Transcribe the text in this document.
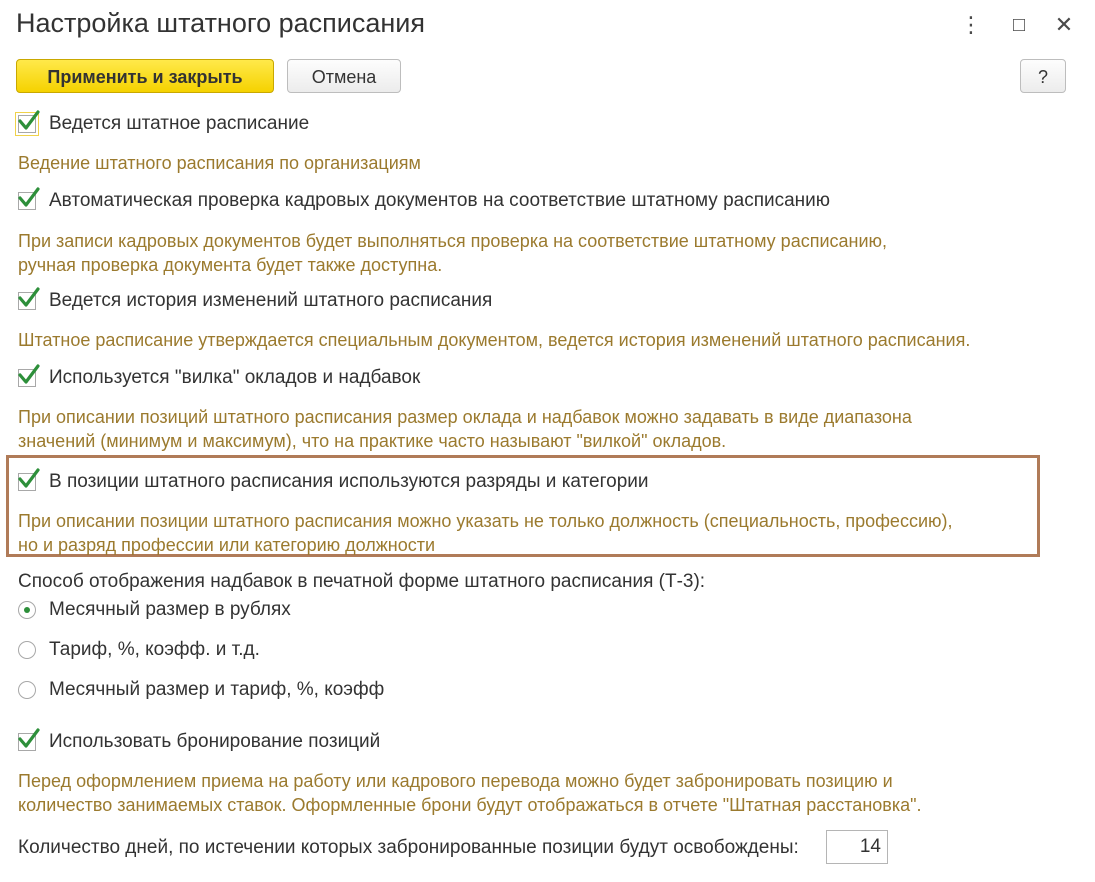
Настройка штатного расписания	⋮	□	✕
Применить и закрыть	Отмена	?
Ведется штатное расписание
Ведение штатного расписания по организациям
Автоматическая проверка кадровых документов на соответствие штатному расписанию
При записи кадровых документов будет выполняться проверка на соответствие штатному расписанию,
ручная проверка документа будет также доступна.
Ведется история изменений штатного расписания
Штатное расписание утверждается специальным документом, ведется история изменений штатного расписания.
Используется "вилка" окладов и надбавок
При описании позиций штатного расписания размер оклада и надбавок можно задавать в виде диапазона
значений (минимум и максимум), что на практике часто называют "вилкой" окладов.
В позиции штатного расписания используются разряды и категории
При описании позиции штатного расписания можно указать не только должность (специальность, профессию),
но и разряд профессии или категорию должности
Способ отображения надбавок в печатной форме штатного расписания (Т-3):
Месячный размер в рублях
Тариф, %, коэфф. и т.д.
Месячный размер и тариф, %, коэфф
Использовать бронирование позиций
Перед оформлением приема на работу или кадрового перевода можно будет забронировать позицию и
количество занимаемых ставок. Оформленные брони будут отображаться в отчете "Штатная расстановка".
Количество дней, по истечении которых забронированные позиции будут освобождены:	14
